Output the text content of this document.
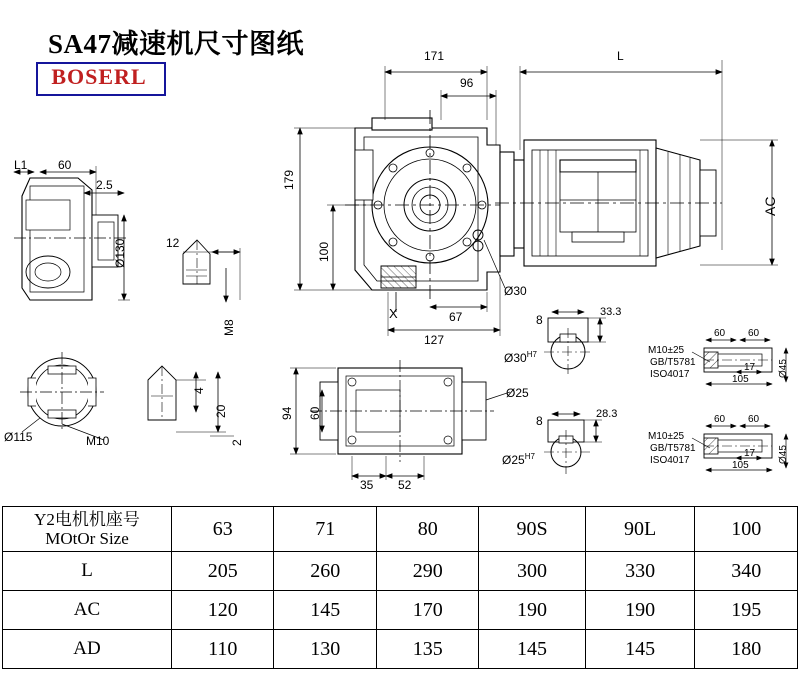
SA47减速机尺寸图纸
BOSERL
171
96
L
179
100
AC
X	67
127
Ø30
L1	60
2.5
Ø130	12
M8
Ø115	M10
4
20
2
94 60
35 52
Ø25
8
33.3
$Ø30^{H7}$
8	28.3
$Ø25^{H7}$
60 60
17
105
Ø45
M10±25
GB/T5781
ISO4017
60 60
17
105
Ø45
M10±25
GB/T5781
ISO4017
Y2电机机座号
MOtOr Size	63	71	80	90S	90L	100
L	205	260	290	300	330	340
AC	120	145	170	190	190	195
AD	110	130	135	145	145	180
